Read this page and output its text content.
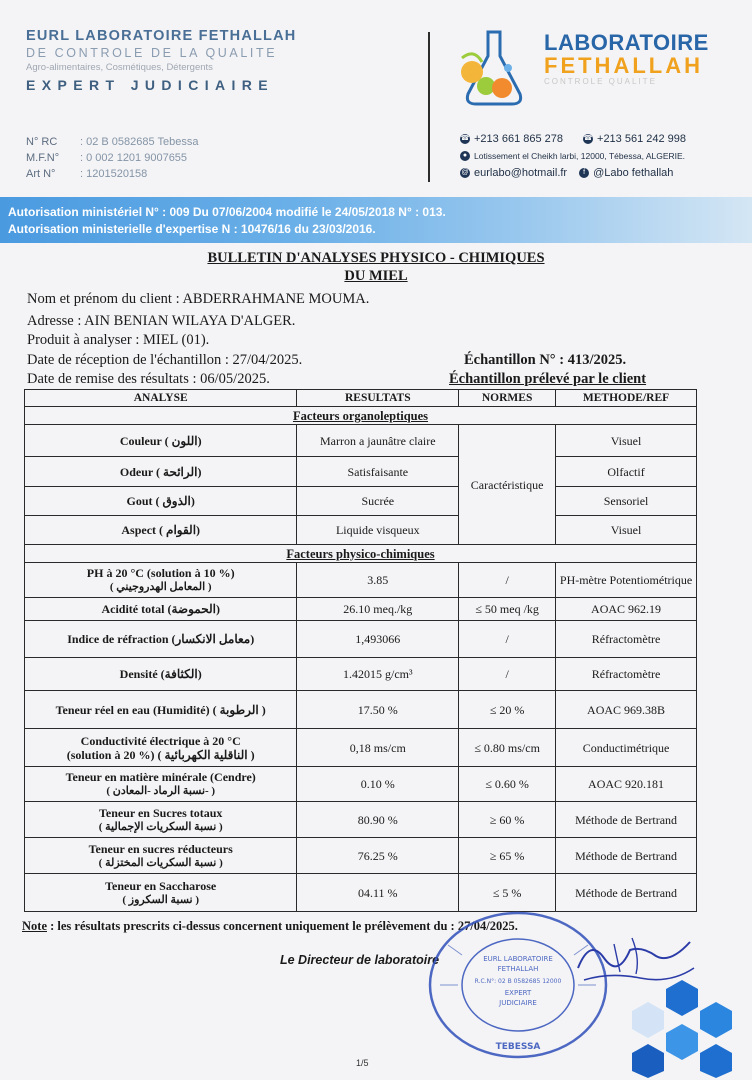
EURL LABORATOIRE FETHALLAH
DE CONTROLE DE LA QUALITE
Agro-alimentaires, Cosmétiques, Détergents
EXPERT JUDICIAIRE
N° RC : 02 B 0582685 Tebessa
M.F.N° : 0 002 1201 9007655
Art N° : 1201520158
LABORATOIRE
FETHALLAH
CONTROLE QUALITE
☎ +213 661 865 278	☎ +213 561 242 998
● Lotissement el Cheikh larbi, 12000, Tébessa, ALGERIE.
@ eurlabo@hotmail.fr	f @Labo fethallah
Autorisation ministériel N° : 009 Du 07/06/2004 modifié le 24/05/2018 N° : 013.
Autorisation ministerielle d'expertise N : 10476/16 du 23/03/2016.
BULLETIN D'ANALYSES PHYSICO - CHIMIQUES
DU MIEL
Nom et prénom du client : ABDERRAHMANE MOUMA.
Adresse : AIN BENIAN WILAYA D'ALGER.
Produit à analyser : MIEL (01).
Date de réception de l'échantillon : 27/04/2025.	Échantillon N° : 413/2025.
Date de remise des résultats : 06/05/2025.	Échantillon prélevé par le client
ANALYSE	RESULTATS	NORMES	METHODE/REF
Facteurs organoleptiques			
Couleur ( اللون)	Marron a jaunâtre claire	Caractéristique	Visuel
Odeur ( الرائحة)	Satisfaisante		Olfactif
Gout ( الذوق)	Sucrée		Sensoriel
Aspect ( القوام)	Liquide visqueux		Visuel
Facteurs physico-chimiques			

PH à 20 °C (solution à 10 %)
( المعامل الهدروجيني )	3.85	/	PH-mètre Potentiométrique
Acidité total (الحموضة)	26.10 meq./kg	≤ 50 meq /kg	AOAC 962.19
Indice de réfraction (معامل الانكسار)	1,493066	/	Réfractomètre
Densité (الكثافة)	1.42015 g/cm³	/	Réfractomètre
Teneur réel en eau (Humidité) ( الرطوبة )	17.50 %	≤ 20 %	AOAC 969.38B

Conductivité électrique à 20 °C
(solution à 20 %) ( الناقلية الكهربائية )	0,18 ms/cm	≤ 0.80 ms/cm	Conductimétrique

Teneur en matière minérale (Cendre)
( نسبة الرماد -المعادن- )	0.10 %	≤ 0.60 %	AOAC 920.181

Teneur en Sucres totaux
( نسبة السكريات الإجمالية )	80.90 %	≥ 60 %	Méthode de Bertrand

Teneur en sucres réducteurs
( نسبة السكريات المختزلة )	76.25 %	≥ 65 %	Méthode de Bertrand

Teneur en Saccharose
( نسبة السكروز )	04.11 %	≤ 5 %	Méthode de Bertrand
Note : les résultats prescrits ci-dessus concernent uniquement le prélèvement du : 27/04/2025.
Le Directeur de laboratoire	EURL LABORATOIRE
FETHALLAH
R.C.N°: 02 B 0582685 12000
EXPERT
JUDICIAIRE
TEBESSA
1/5
